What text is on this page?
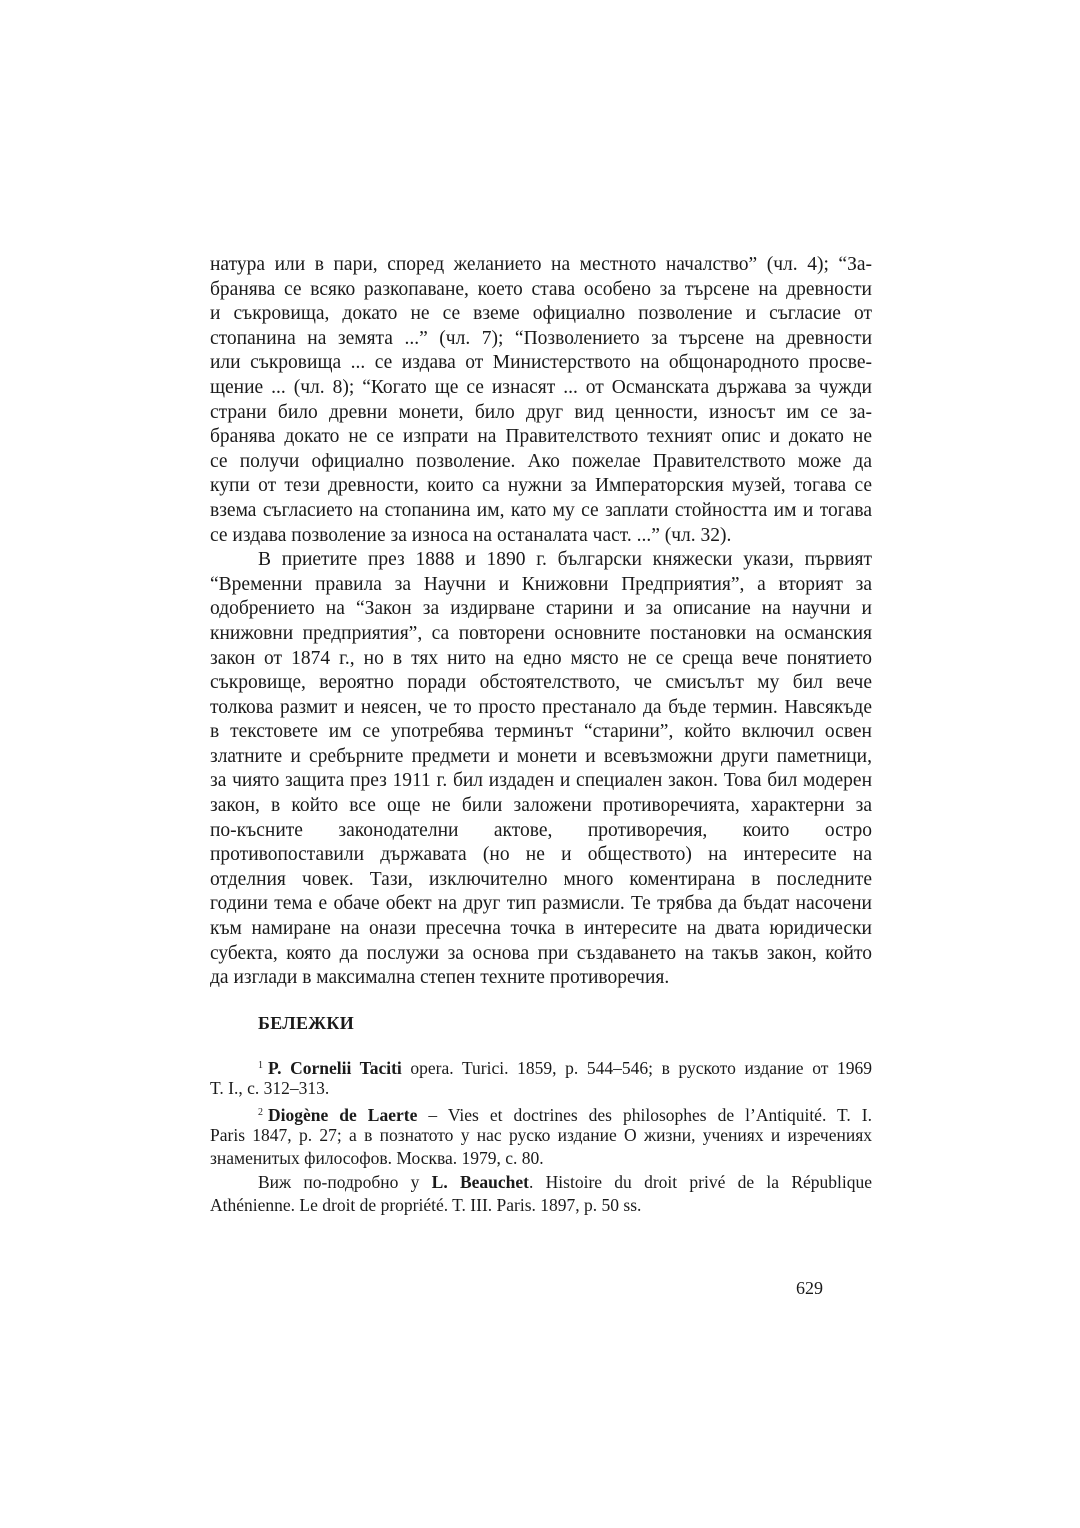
натура или в пари, според желанието на местното началство” (чл. 4); “За-
бранява се всяко разкопаване, което става особено за търсене на древности
и съкровища, докато не се вземе официално позволение и съгласие от
стопанина на земята ...” (чл. 7); “Позволението за търсене на древности
или съкровища ... се издава от Министерството на общонародното просве-
щение ... (чл. 8); “Когато ще се изнасят ... от Османската държава за чужди
страни било древни монети, било друг вид ценности, износът им се за-
бранява докато не се изпрати на Правителството техният опис и докато не
се получи официално позволение. Ако пожелае Правителството може да
купи от тези древности, които са нужни за Императорския музей, тогава се
взема съгласието на стопанина им, като му се заплати стойността им и тогава
се издава позволение за износа на останалата част. ...” (чл. 32).
В приетите през 1888 и 1890 г. български княжески укази, първият
“Временни правила за Научни и Книжовни Предприятия”, а вторият за
одобрението на “Закон за издирване старини и за описание на научни и
книжовни предприятия”, са повторени основните постановки на османския
закон от 1874 г., но в тях нито на едно място не се среща вече понятието
съкровище, вероятно поради обстоятелството, че смисълът му бил вече
толкова размит и неясен, че то просто престанало да бъде термин. Навсякъде
в текстовете им се употребява терминът “старини”, който включил освен
златните и сребърните предмети и монети и всевъзможни други паметници,
за чиято защита през 1911 г. бил издаден и специален закон. Това бил модерен
закон, в който все още не били заложени противоречията, характерни за
по-късните законодателни актове, противоречия, които остро
противопоставили държавата (но не и обществото) на интересите на
отделния човек. Тази, изключително много коментирана в последните
години тема е обаче обект на друг тип размисли. Те трябва да бъдат насочени
към намиране на онази пресечна точка в интересите на двата юридически
субекта, която да послужи за основа при създаването на такъв закон, който
да изглади в максимална степен техните противоречия.
БЕЛЕЖКИ
$^1$ P. Cornelii Taciti opera. Turici. 1859, p. 544–546; в руското издание от 1969
T. I., с. 312–313.
$^2$ Diogène de Laerte – Vies et doctrines des philosophes de l’Antiquité. T. I.
Paris 1847, p. 27; а в познатото у нас руско издание О жизни, учениях и изречениях
знаменитых философов. Москва. 1979, с. 80.
Виж по-подробно у L. Beauchet. Histoire du droit privé de la République
Athénienne. Le droit de propriété. T. III. Paris. 1897, p. 50 ss.
629
